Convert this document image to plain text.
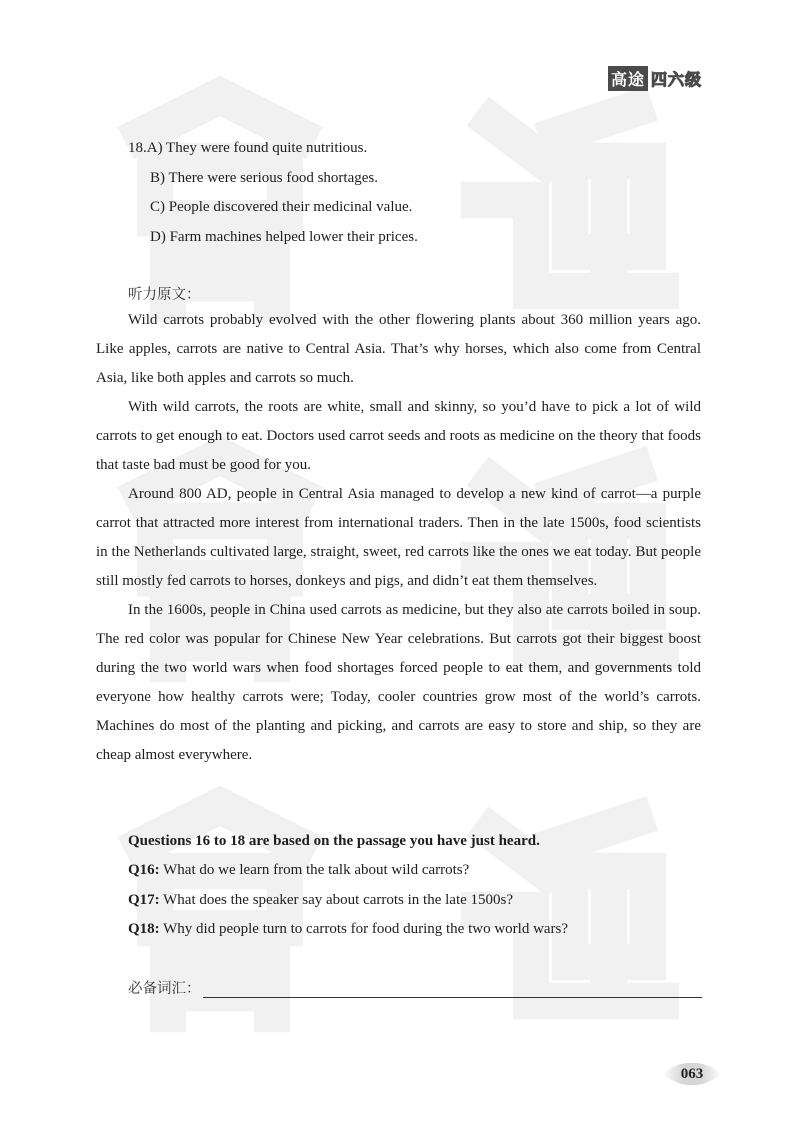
高途 四六级
18.A) They were found quite nutritious.
B) There were serious food shortages.
C) People discovered their medicinal value.
D) Farm machines helped lower their prices.
听力原文：

Wild carrots probably evolved with the other flowering plants about 360 million years ago. Like apples, carrots are native to Central Asia. That’s why horses, which also come from Central Asia, like both apples and carrots so much.

With wild carrots, the roots are white, small and skinny, so you’d have to pick a lot of wild carrots to get enough to eat. Doctors used carrot seeds and roots as medicine on the theory that foods that taste bad must be good for you.

Around 800 AD, people in Central Asia managed to develop a new kind of carrot—a purple carrot that attracted more interest from international traders. Then in the late 1500s, food scientists in the Netherlands cultivated large, straight, sweet, red carrots like the ones we eat today. But people still mostly fed carrots to horses, donkeys and pigs, and didn’t eat them themselves.

In the 1600s, people in China used carrots as medicine, but they also ate carrots boiled in soup. The red color was popular for Chinese New Year celebrations. But carrots got their biggest boost during the two world wars when food shortages forced people to eat them, and governments told everyone how healthy carrots were; Today, cooler countries grow most of the world’s carrots. Machines do most of the planting and picking, and carrots are easy to store and ship, so they are cheap almost everywhere.

Questions 16 to 18 are based on the passage you have just heard.
Q16: What do we learn from the talk about wild carrots?
Q17: What does the speaker say about carrots in the late 1500s?
Q18: Why did people turn to carrots for food during the two world wars?
必备词汇：
063
